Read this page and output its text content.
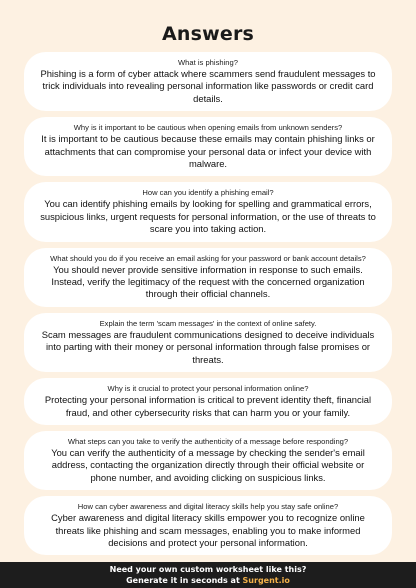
Answers
What is phishing?
Phishing is a form of cyber attack where scammers send fraudulent messages to trick individuals into revealing personal information like passwords or credit card details.
Why is it important to be cautious when opening emails from unknown senders?
It is important to be cautious because these emails may contain phishing links or attachments that can compromise your personal data or infect your device with malware.
How can you identify a phishing email?
You can identify phishing emails by looking for spelling and grammatical errors, suspicious links, urgent requests for personal information, or the use of threats to scare you into taking action.
What should you do if you receive an email asking for your password or bank account details?
You should never provide sensitive information in response to such emails. Instead, verify the legitimacy of the request with the concerned organization through their official channels.
Explain the term 'scam messages' in the context of online safety.
Scam messages are fraudulent communications designed to deceive individuals into parting with their money or personal information through false promises or threats.
Why is it crucial to protect your personal information online?
Protecting your personal information is critical to prevent identity theft, financial fraud, and other cybersecurity risks that can harm you or your family.
What steps can you take to verify the authenticity of a message before responding?
You can verify the authenticity of a message by checking the sender's email address, contacting the organization directly through their official website or phone number, and avoiding clicking on suspicious links.
How can cyber awareness and digital literacy skills help you stay safe online?
Cyber awareness and digital literacy skills empower you to recognize online threats like phishing and scam messages, enabling you to make informed decisions and protect your personal information.
Need your own custom worksheet like this?
Generate it in seconds at Surgent.io
